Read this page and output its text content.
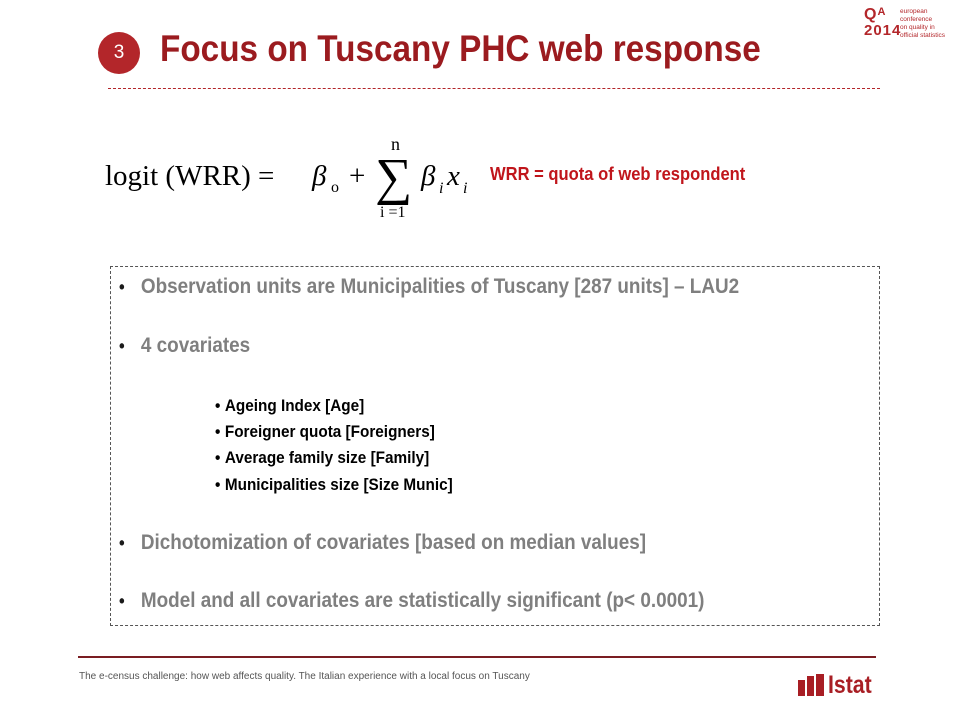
3 Focus on Tuscany PHC web response
$Q^A$
2014
european conference
on quality in
official statistics
logit (WRR) = β o +
n
∑
i =1
β i x i
WRR = quota of web respondent
• Observation units are Municipalities of Tuscany [287 units] – LAU2
• 4 covariates
• Ageing Index [Age]
• Foreigner quota [Foreigners]
• Average family size [Family]
• Municipalities size [Size Munic]
• Dichotomization of covariates [based on median values]
• Model and all covariates are statistically significant (p< 0.0001)
The e-census challenge: how web affects quality. The Italian experience with a local focus on Tuscany	Istat
